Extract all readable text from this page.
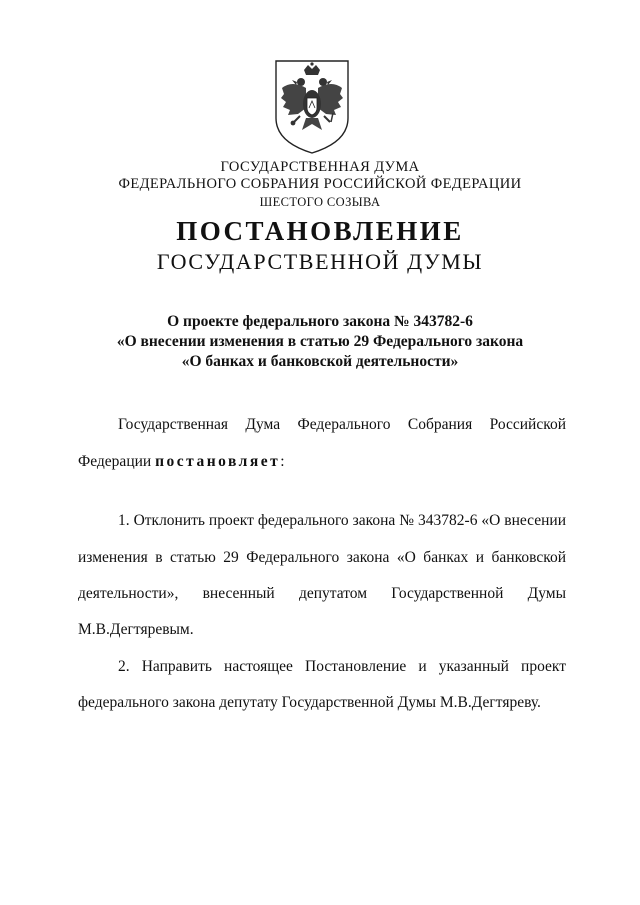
ГОСУДАРСТВЕННАЯ ДУМА
ФЕДЕРАЛЬНОГО СОБРАНИЯ РОССИЙСКОЙ ФЕДЕРАЦИИ
ШЕСТОГО СОЗЫВА
ПОСТАНОВЛЕНИЕ
ГОСУДАРСТВЕННОЙ ДУМЫ
О проекте федерального закона № 343782-6
«О внесении изменения в статью 29 Федерального закона
«О банках и банковской деятельности»
Государственная Дума Федерального Собрания Российской
Федерации постановляет:
1. Отклонить проект федерального закона № 343782-6 «О внесении
изменения в статью 29 Федерального закона «О банках и банковской
деятельности», внесенный депутатом Государственной Думы
М.В.Дегтяревым.
2. Направить настоящее Постановление и указанный проект
федерального закона депутату Государственной Думы М.В.Дегтяреву.
